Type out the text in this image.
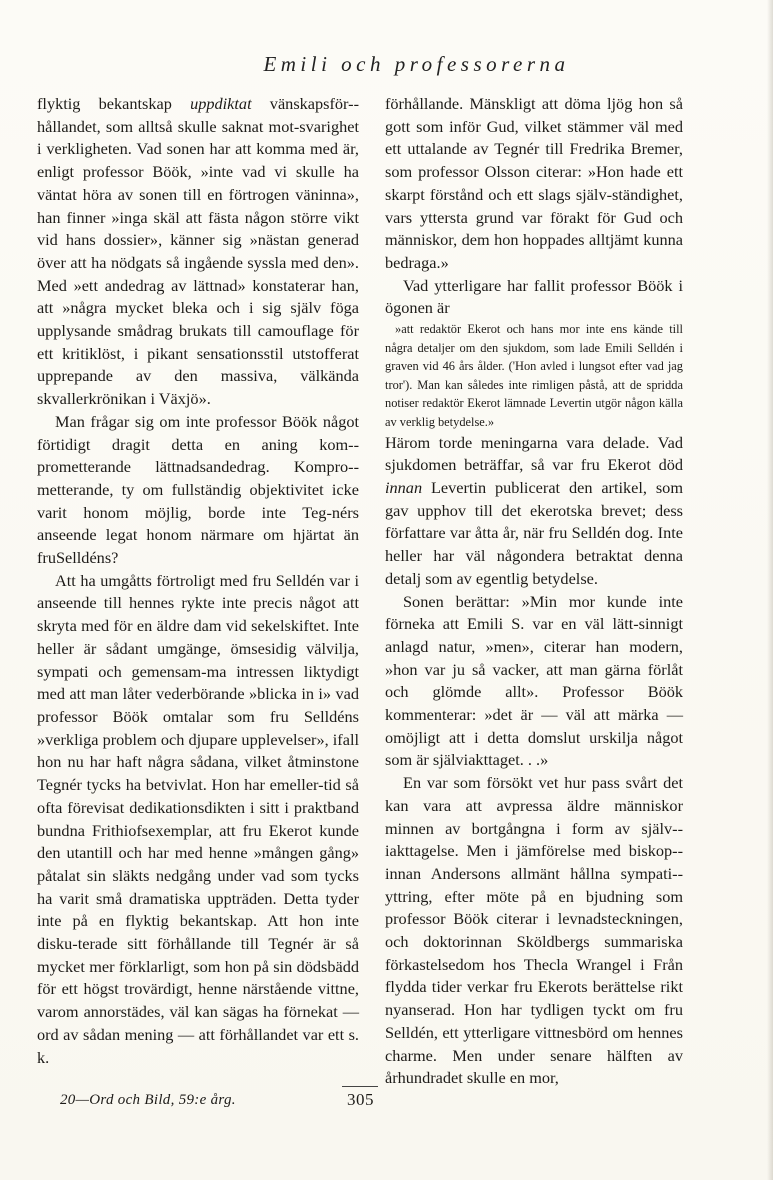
Emili och professorerna

flyktig bekantskap uppdiktat vänskapsför-hållandet, som alltså skulle saknat mot-svarighet i verkligheten. Vad sonen har att komma med är, enligt professor Böök, »inte vad vi skulle ha väntat höra av sonen till en förtrogen väninna», han finner »inga skäl att fästa någon större vikt vid hans dossier», känner sig »nästan generad över att ha nödgats så ingående syssla med den». Med »ett andedrag av lättnad» konstaterar han, att »några mycket bleka och i sig själv föga upplysande smådrag brukats till camouflage för ett kritiklöst, i pikant sensationsstil utstofferat upprepande av den massiva, välkända skvallerkrönikan i Växjö».

Man frågar sig om inte professor Böök något förtidigt dragit detta en aning kom-prometterande lättnadsandedrag. Kompro-metterande, ty om fullständig objektivitet icke varit honom möjlig, borde inte Teg-nérs anseende legat honom närmare om hjärtat än fruSelldéns?

Att ha umgåtts förtroligt med fru Selldén var i anseende till hennes rykte inte precis något att skryta med för en äldre dam vid sekelskiftet. Inte heller är sådant umgänge, ömsesidig välvilja, sympati och gemensam-ma intressen liktydigt med att man låter vederbörande »blicka in i» vad professor Böök omtalar som fru Selldéns »verkliga problem och djupare upplevelser», ifall hon nu har haft några sådana, vilket åtminstone Tegnér tycks ha betvivlat. Hon har emeller-tid så ofta förevisat dedikationsdikten i sitt i praktband bundna Frithiofsexemplar, att fru Ekerot kunde den utantill och har med henne »mången gång» påtalat sin släkts nedgång under vad som tycks ha varit små dramatiska uppträden. Detta tyder inte på en flyktig bekantskap. Att hon inte disku-terade sitt förhållande till Tegnér är så mycket mer förklarligt, som hon på sin dödsbädd för ett högst trovärdigt, henne närstående vittne, varom annorstädes, väl kan sägas ha förnekat — ord av sådan mening — att förhållandet var ett s. k.

förhållande. Mänskligt att döma ljög hon så gott som inför Gud, vilket stämmer väl med ett uttalande av Tegnér till Fredrika Bremer, som professor Olsson citerar: »Hon hade ett skarpt förstånd och ett slags själv-ständighet, vars yttersta grund var förakt för Gud och människor, dem hon hoppades alltjämt kunna bedraga.»

Vad ytterligare har fallit professor Böök i ögonen är

»att redaktör Ekerot och hans mor inte ens kände till några detaljer om den sjukdom, som lade Emili Selldén i graven vid 46 års ålder. ('Hon avled i lungsot efter vad jag tror'). Man kan således inte rimligen påstå, att de spridda notiser redaktör Ekerot lämnade Levertin utgör någon källa av verklig betydelse.»

Härom torde meningarna vara delade. Vad sjukdomen beträffar, så var fru Ekerot död innan Levertin publicerat den artikel, som gav upphov till det ekerotska brevet; dess författare var åtta år, när fru Selldén dog. Inte heller har väl någondera betraktat denna detalj som av egentlig betydelse.

Sonen berättar: »Min mor kunde inte förneka att Emili S. var en väl lätt-sinnigt anlagd natur, »men», citerar han modern, »hon var ju så vacker, att man gärna förlåt och glömde allt». Professor Böök kommenterar: »det är — väl att märka — omöjligt att i detta domslut urskilja något som är själviakttaget. . .»

En var som försökt vet hur pass svårt det kan vara att avpressa äldre människor minnen av bortgångna i form av själv-iakttagelse. Men i jämförelse med biskop-innan Andersons allmänt hållna sympati-yttring, efter möte på en bjudning som professor Böök citerar i levnadsteckningen, och doktorinnan Sköldbergs summariska förkastelsedom hos Thecla Wrangel i Från flydda tider verkar fru Ekerots berättelse rikt nyanserad. Hon har tydligen tyckt om fru Selldén, ett ytterligare vittnesbörd om hennes charme. Men under senare hälften av århundradet skulle en mor,

20—Ord och Bild, 59:e årg.	305
